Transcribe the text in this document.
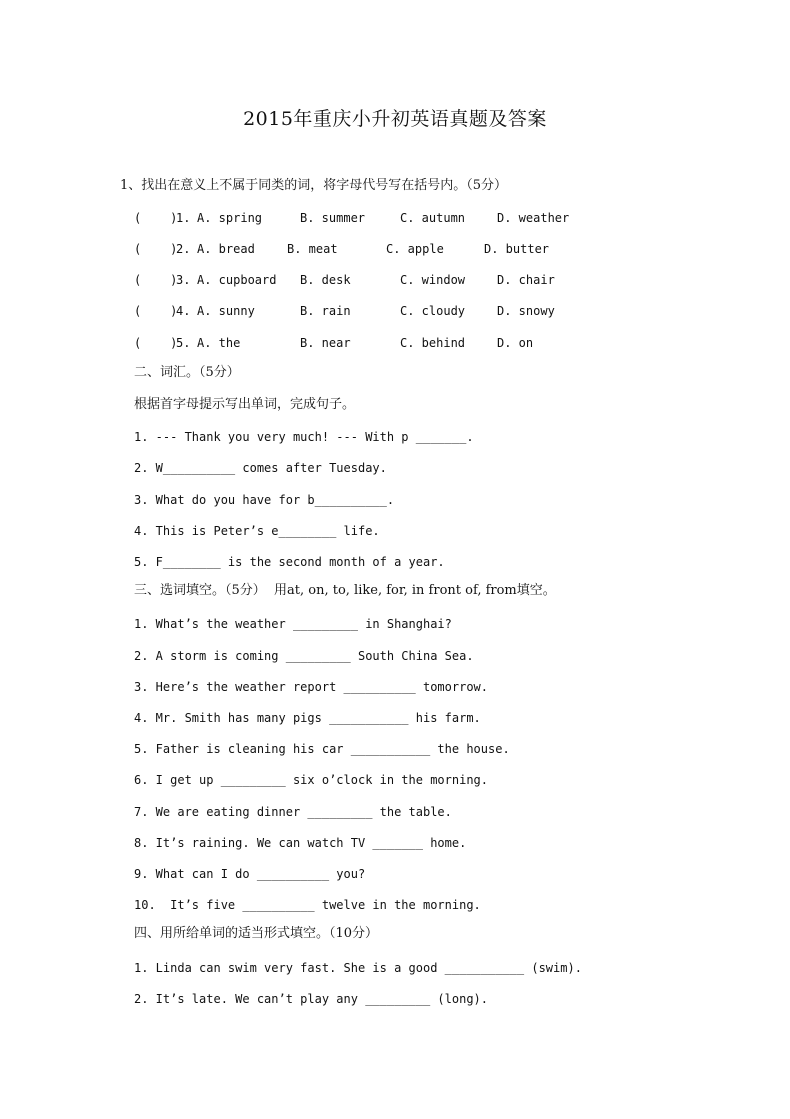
2015年重庆小升初英语真题及答案
1、找出在意义上不属于同类的词，将字母代号写在括号内。（5分）
(    )
1. A. spring	B. summer	C. autumn	D. weather
(    )
2. A. bread	B. meat	C. apple	D. butter
(    )
3. A. cupboard B. desk	C. window	D. chair
(    )
4. A. sunny	B. rain	C. cloudy	D. snowy
(    )
5. A. the	B. near	C. behind	D. on
二、词汇。（5分）
根据首字母提示写出单词，完成句子。
1. --- Thank you very much! --- With p _______.
2. W__________ comes after Tuesday.
3. What do you have for b__________.
4. This is Peter’s e________ life.
5. F________ is the second month of a year.
三、选词填空。（5分）  用at, on, to, like, for, in front of, from填空。
1. What’s the weather _________ in Shanghai?
2. A storm is coming _________ South China Sea.
3. Here’s the weather report __________ tomorrow.
4. Mr. Smith has many pigs ___________ his farm.
5. Father is cleaning his car ___________ the house.
6. I get up _________ six o’clock in the morning.
7. We are eating dinner _________ the table.
8. It’s raining. We can watch TV _______ home.
9. What can I do __________ you?
10.  It’s five __________ twelve in the morning.
四、用所给单词的适当形式填空。（10分）
1. Linda can swim very fast. She is a good ___________ (swim).
2. It’s late. We can’t play any _________ (long).
